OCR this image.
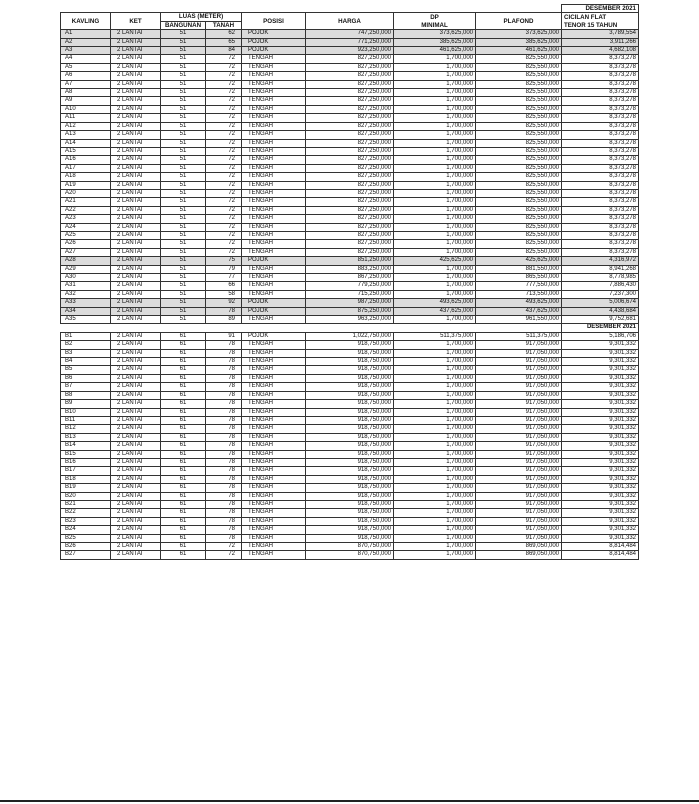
								DESEMBER 2021
KAVLING	KET	LUAS (METER)		POSISI	HARGA	DP	PLAFOND	CICILAN FLAT
		BANGUNAN	TANAH			MINIMAL		TENOR 15 TAHUN
A1	2 LANTAI	51	62	POJOK	747,250,000	373,625,000	373,625,000	3,789,554
A2	2 LANTAI	51	65	POJOK	771,250,000	385,625,000	385,625,000	3,911,266
A3	2 LANTAI	51	84	POJOK	923,250,000	461,625,000	461,625,000	4,682,108
A4	2 LANTAI	51	72	TENGAH	827,250,000	1,700,000	825,550,000	8,373,278
A5	2 LANTAI	51	72	TENGAH	827,250,000	1,700,000	825,550,000	8,373,278
A6	2 LANTAI	51	72	TENGAH	827,250,000	1,700,000	825,550,000	8,373,278
A7	2 LANTAI	51	72	TENGAH	827,250,000	1,700,000	825,550,000	8,373,278
A8	2 LANTAI	51	72	TENGAH	827,250,000	1,700,000	825,550,000	8,373,278
A9	2 LANTAI	51	72	TENGAH	827,250,000	1,700,000	825,550,000	8,373,278
A10	2 LANTAI	51	72	TENGAH	827,250,000	1,700,000	825,550,000	8,373,278
A11	2 LANTAI	51	72	TENGAH	827,250,000	1,700,000	825,550,000	8,373,278
A12	2 LANTAI	51	72	TENGAH	827,250,000	1,700,000	825,550,000	8,373,278
A13	2 LANTAI	51	72	TENGAH	827,250,000	1,700,000	825,550,000	8,373,278
A14	2 LANTAI	51	72	TENGAH	827,250,000	1,700,000	825,550,000	8,373,278
A15	2 LANTAI	51	72	TENGAH	827,250,000	1,700,000	825,550,000	8,373,278
A16	2 LANTAI	51	72	TENGAH	827,250,000	1,700,000	825,550,000	8,373,278
A17	2 LANTAI	51	72	TENGAH	827,250,000	1,700,000	825,550,000	8,373,278
A18	2 LANTAI	51	72	TENGAH	827,250,000	1,700,000	825,550,000	8,373,278
A19	2 LANTAI	51	72	TENGAH	827,250,000	1,700,000	825,550,000	8,373,278
A20	2 LANTAI	51	72	TENGAH	827,250,000	1,700,000	825,550,000	8,373,278
A21	2 LANTAI	51	72	TENGAH	827,250,000	1,700,000	825,550,000	8,373,278
A22	2 LANTAI	51	72	TENGAH	827,250,000	1,700,000	825,550,000	8,373,278
A23	2 LANTAI	51	72	TENGAH	827,250,000	1,700,000	825,550,000	8,373,278
A24	2 LANTAI	51	72	TENGAH	827,250,000	1,700,000	825,550,000	8,373,278
A25	2 LANTAI	51	72	TENGAH	827,250,000	1,700,000	825,550,000	8,373,278
A26	2 LANTAI	51	72	TENGAH	827,250,000	1,700,000	825,550,000	8,373,278
A27	2 LANTAI	51	72	TENGAH	827,250,000	1,700,000	825,550,000	8,373,278
A28	2 LANTAI	51	75	POJOK	851,250,000	425,625,000	425,625,000	4,316,972
A29	2 LANTAI	51	79	TENGAH	883,250,000	1,700,000	881,550,000	8,941,268
A30	2 LANTAI	51	77	TENGAH	867,250,000	1,700,000	865,550,000	8,778,985
A31	2 LANTAI	51	66	TENGAH	779,250,000	1,700,000	777,550,000	7,886,430
A32	2 LANTAI	51	58	TENGAH	715,250,000	1,700,000	713,550,000	7,237,300
A33	2 LANTAI	51	92	POJOK	987,250,000	493,625,000	493,625,000	5,006,674
A34	2 LANTAI	51	78	POJOK	875,250,000	437,625,000	437,625,000	4,438,684
A35	2 LANTAI	51	89	TENGAH	963,250,000	1,700,000	961,550,000	9,752,681
								DESEMBER 2021
B1	2 LANTAI	61	91	POJOK	1,022,750,000	511,375,000	511,375,000	5,186,706
B2	2 LANTAI	61	78	TENGAH	918,750,000	1,700,000	917,050,000	9,301,332
B3	2 LANTAI	61	78	TENGAH	918,750,000	1,700,000	917,050,000	9,301,332
B4	2 LANTAI	61	78	TENGAH	918,750,000	1,700,000	917,050,000	9,301,332
B5	2 LANTAI	61	78	TENGAH	918,750,000	1,700,000	917,050,000	9,301,332
B6	2 LANTAI	61	78	TENGAH	918,750,000	1,700,000	917,050,000	9,301,332
B7	2 LANTAI	61	78	TENGAH	918,750,000	1,700,000	917,050,000	9,301,332
B8	2 LANTAI	61	78	TENGAH	918,750,000	1,700,000	917,050,000	9,301,332
B9	2 LANTAI	61	78	TENGAH	918,750,000	1,700,000	917,050,000	9,301,332
B10	2 LANTAI	61	78	TENGAH	918,750,000	1,700,000	917,050,000	9,301,332
B11	2 LANTAI	61	78	TENGAH	918,750,000	1,700,000	917,050,000	9,301,332
B12	2 LANTAI	61	78	TENGAH	918,750,000	1,700,000	917,050,000	9,301,332
B13	2 LANTAI	61	78	TENGAH	918,750,000	1,700,000	917,050,000	9,301,332
B14	2 LANTAI	61	78	TENGAH	918,750,000	1,700,000	917,050,000	9,301,332
B15	2 LANTAI	61	78	TENGAH	918,750,000	1,700,000	917,050,000	9,301,332
B16	2 LANTAI	61	78	TENGAH	918,750,000	1,700,000	917,050,000	9,301,332
B17	2 LANTAI	61	78	TENGAH	918,750,000	1,700,000	917,050,000	9,301,332
B18	2 LANTAI	61	78	TENGAH	918,750,000	1,700,000	917,050,000	9,301,332
B19	2 LANTAI	61	78	TENGAH	918,750,000	1,700,000	917,050,000	9,301,332
B20	2 LANTAI	61	78	TENGAH	918,750,000	1,700,000	917,050,000	9,301,332
B21	2 LANTAI	61	78	TENGAH	918,750,000	1,700,000	917,050,000	9,301,332
B22	2 LANTAI	61	78	TENGAH	918,750,000	1,700,000	917,050,000	9,301,332
B23	2 LANTAI	61	78	TENGAH	918,750,000	1,700,000	917,050,000	9,301,332
B24	2 LANTAI	61	78	TENGAH	918,750,000	1,700,000	917,050,000	9,301,332
B25	2 LANTAI	61	78	TENGAH	918,750,000	1,700,000	917,050,000	9,301,332
B26	2 LANTAI	61	72	TENGAH	870,750,000	1,700,000	869,050,000	8,814,484
B27	2 LANTAI	61	72	TENGAH	870,750,000	1,700,000	869,050,000	8,814,484
